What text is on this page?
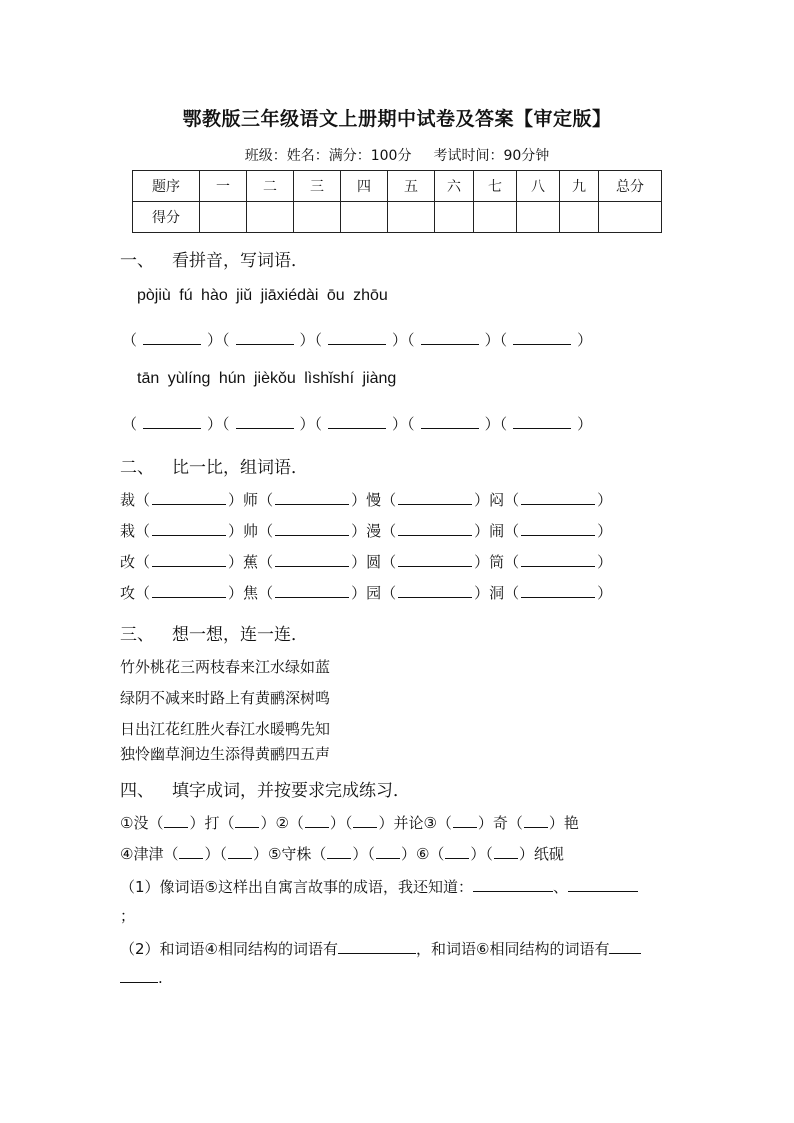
鄂教版三年级语文上册期中试卷及答案【审定版】
班级：姓名：满分：100分 考试时间：90分钟
题序	一	二	三	四	五	六	七	八	九	总分
得分										
一、 看拼音，写词语．
pòjiù fú hào jiǔ jiāxiédài ōu zhōu
（	）（	）（	）（	）（	）
tān yùlíng hún jièkǒu lìshǐshí jiàng
（	）（	）（	）（	）（	）
二、 比一比，组词语．
裁（	）师（	）慢（	）闷（	）
栽（	）帅（	）漫（	）闹（	）
改（	）蕉（	）圆（	）筒（	）
攻（	）焦（	）园（	）洞（	）
三、 想一想，连一连．
竹外桃花三两枝春来江水绿如蓝
绿阴不减来时路上有黄鹂深树鸣
日出江花红胜火春江水暖鸭先知
独怜幽草涧边生添得黄鹂四五声
四、 填字成词，并按要求完成练习．
①没（ ）打（ ）②（ ）（ ）并论③（ ）奇（ ）艳
④津津（ ）（ ）⑤守株（ ）（ ）⑥（ ）（ ）纸砚
（1）像词语⑤这样出自寓言故事的成语，我还知道：	、
；
（2）和词语④相同结构的词语有	，和词语⑥相同结构的词语有
.
